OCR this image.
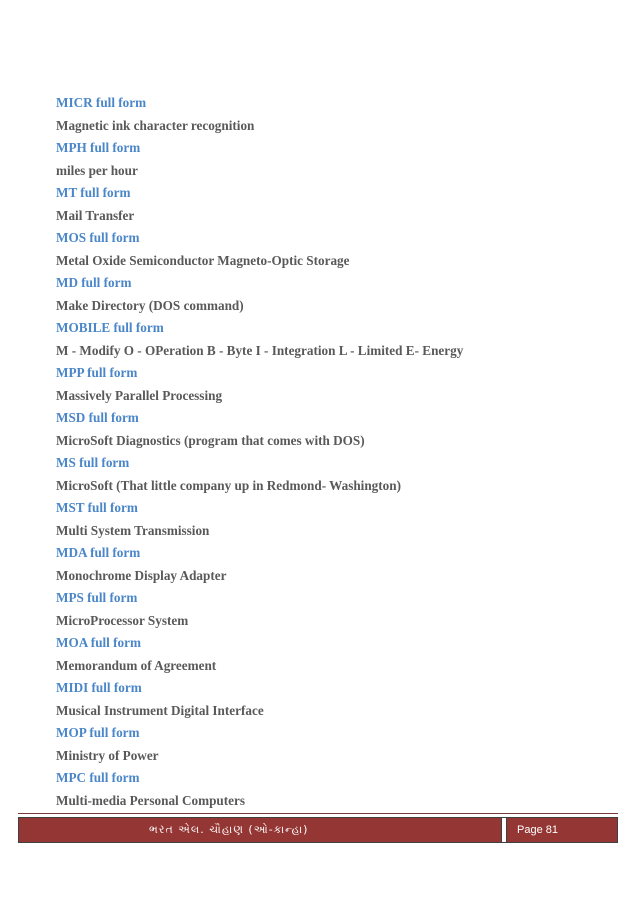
MICR full form
Magnetic ink character recognition
MPH full form
miles per hour
MT full form
Mail Transfer
MOS full form
Metal Oxide Semiconductor Magneto-Optic Storage
MD full form
Make Directory (DOS command)
MOBILE full form
M - Modify O - OPeration B - Byte I - Integration L - Limited E- Energy
MPP full form
Massively Parallel Processing
MSD full form
MicroSoft Diagnostics (program that comes with DOS)
MS full form
MicroSoft (That little company up in Redmond- Washington)
MST full form
Multi System Transmission
MDA full form
Monochrome Display Adapter
MPS full form
MicroProcessor System
MOA full form
Memorandum of Agreement
MIDI full form
Musical Instrument Digital Interface
MOP full form
Ministry of Power
MPC full form
Multi-media Personal Computers
ભરત એલ. ચૌહાણ (ઓ-કાન્હા)	Page 81
